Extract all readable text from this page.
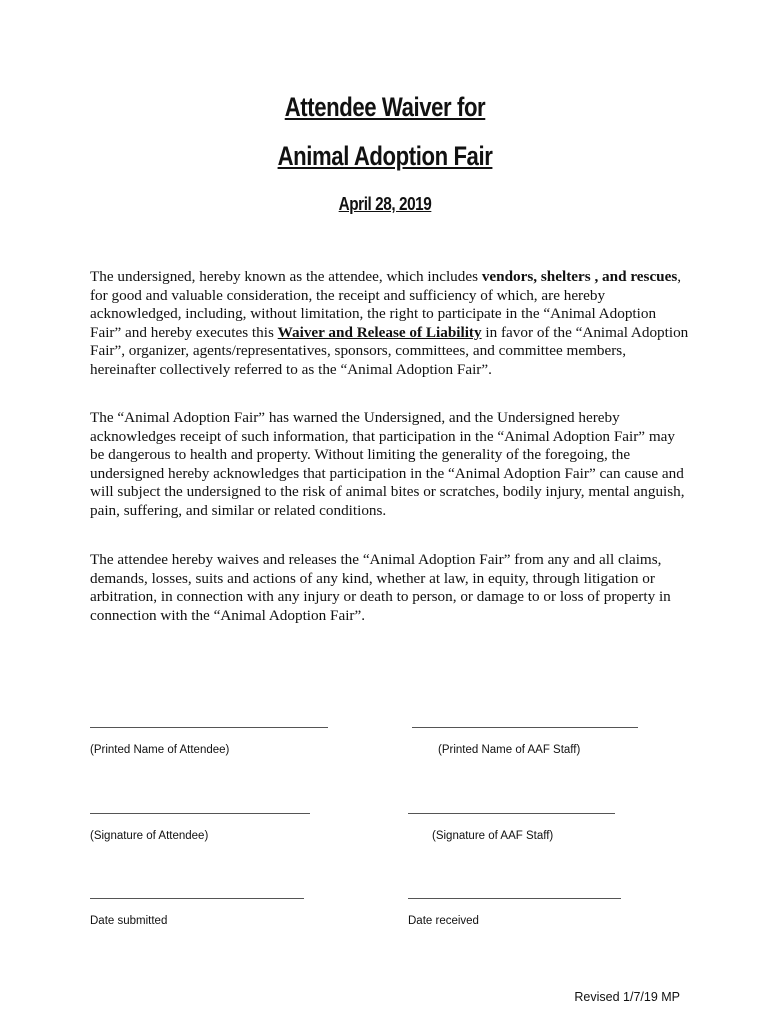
Attendee Waiver for
Animal Adoption Fair
April 28, 2019

The undersigned, hereby known as the attendee, which includes vendors, shelters , and rescues, for good and valuable consideration, the receipt and sufficiency of which, are hereby acknowledged, including, without limitation, the right to participate in the “Animal Adoption Fair” and hereby executes this Waiver and Release of Liability in favor of the “Animal Adoption Fair”, organizer, agents/representatives, sponsors, committees, and committee members, hereinafter collectively referred to as the “Animal Adoption Fair”.

The “Animal Adoption Fair” has warned the Undersigned, and the Undersigned hereby acknowledges receipt of such information, that participation in the “Animal Adoption Fair” may be dangerous to health and property. Without limiting the generality of the foregoing, the undersigned hereby acknowledges that participation in the “Animal Adoption Fair” can cause and will subject the undersigned to the risk of animal bites or scratches, bodily injury, mental anguish, pain, suffering, and similar or related conditions.

The attendee hereby waives and releases the “Animal Adoption Fair” from any and all claims, demands, losses, suits and actions of any kind, whether at law, in equity, through litigation or arbitration, in connection with any injury or death to person, or damage to or loss of property in connection with the “Animal Adoption Fair”.

(Printed Name of Attendee)	(Printed Name of AAF Staff)

(Signature of Attendee)	(Signature of AAF Staff)

Date submitted	Date received

Revised 1/7/19 MP
